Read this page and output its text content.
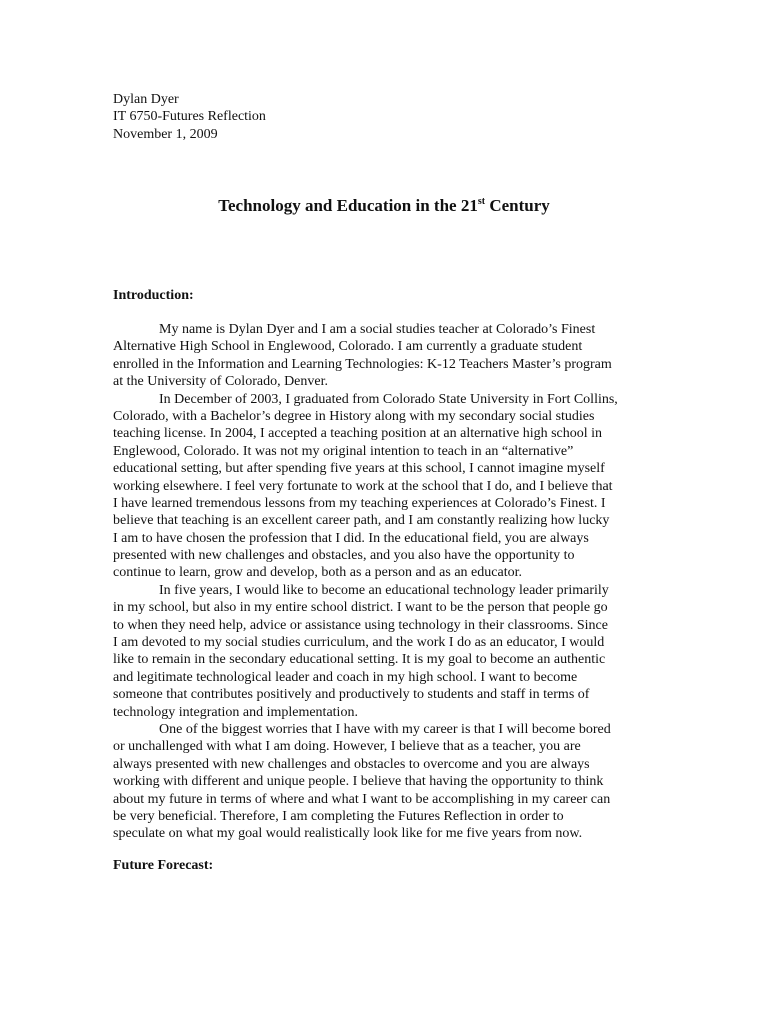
Dylan Dyer
IT 6750-Futures Reflection
November 1, 2009
Technology and Education in the 21st Century
Introduction:
My name is Dylan Dyer and I am a social studies teacher at Colorado’s Finest
Alternative High School in Englewood, Colorado. I am currently a graduate student
enrolled in the Information and Learning Technologies: K-12 Teachers Master’s program
at the University of Colorado, Denver.
In December of 2003, I graduated from Colorado State University in Fort Collins,
Colorado, with a Bachelor’s degree in History along with my secondary social studies
teaching license. In 2004, I accepted a teaching position at an alternative high school in
Englewood, Colorado. It was not my original intention to teach in an “alternative”
educational setting, but after spending five years at this school, I cannot imagine myself
working elsewhere. I feel very fortunate to work at the school that I do, and I believe that
I have learned tremendous lessons from my teaching experiences at Colorado’s Finest. I
believe that teaching is an excellent career path, and I am constantly realizing how lucky
I am to have chosen the profession that I did. In the educational field, you are always
presented with new challenges and obstacles, and you also have the opportunity to
continue to learn, grow and develop, both as a person and as an educator.
In five years, I would like to become an educational technology leader primarily
in my school, but also in my entire school district. I want to be the person that people go
to when they need help, advice or assistance using technology in their classrooms. Since
I am devoted to my social studies curriculum, and the work I do as an educator, I would
like to remain in the secondary educational setting. It is my goal to become an authentic
and legitimate technological leader and coach in my high school. I want to become
someone that contributes positively and productively to students and staff in terms of
technology integration and implementation.
One of the biggest worries that I have with my career is that I will become bored
or unchallenged with what I am doing. However, I believe that as a teacher, you are
always presented with new challenges and obstacles to overcome and you are always
working with different and unique people. I believe that having the opportunity to think
about my future in terms of where and what I want to be accomplishing in my career can
be very beneficial. Therefore, I am completing the Futures Reflection in order to
speculate on what my goal would realistically look like for me five years from now.
Future Forecast:
